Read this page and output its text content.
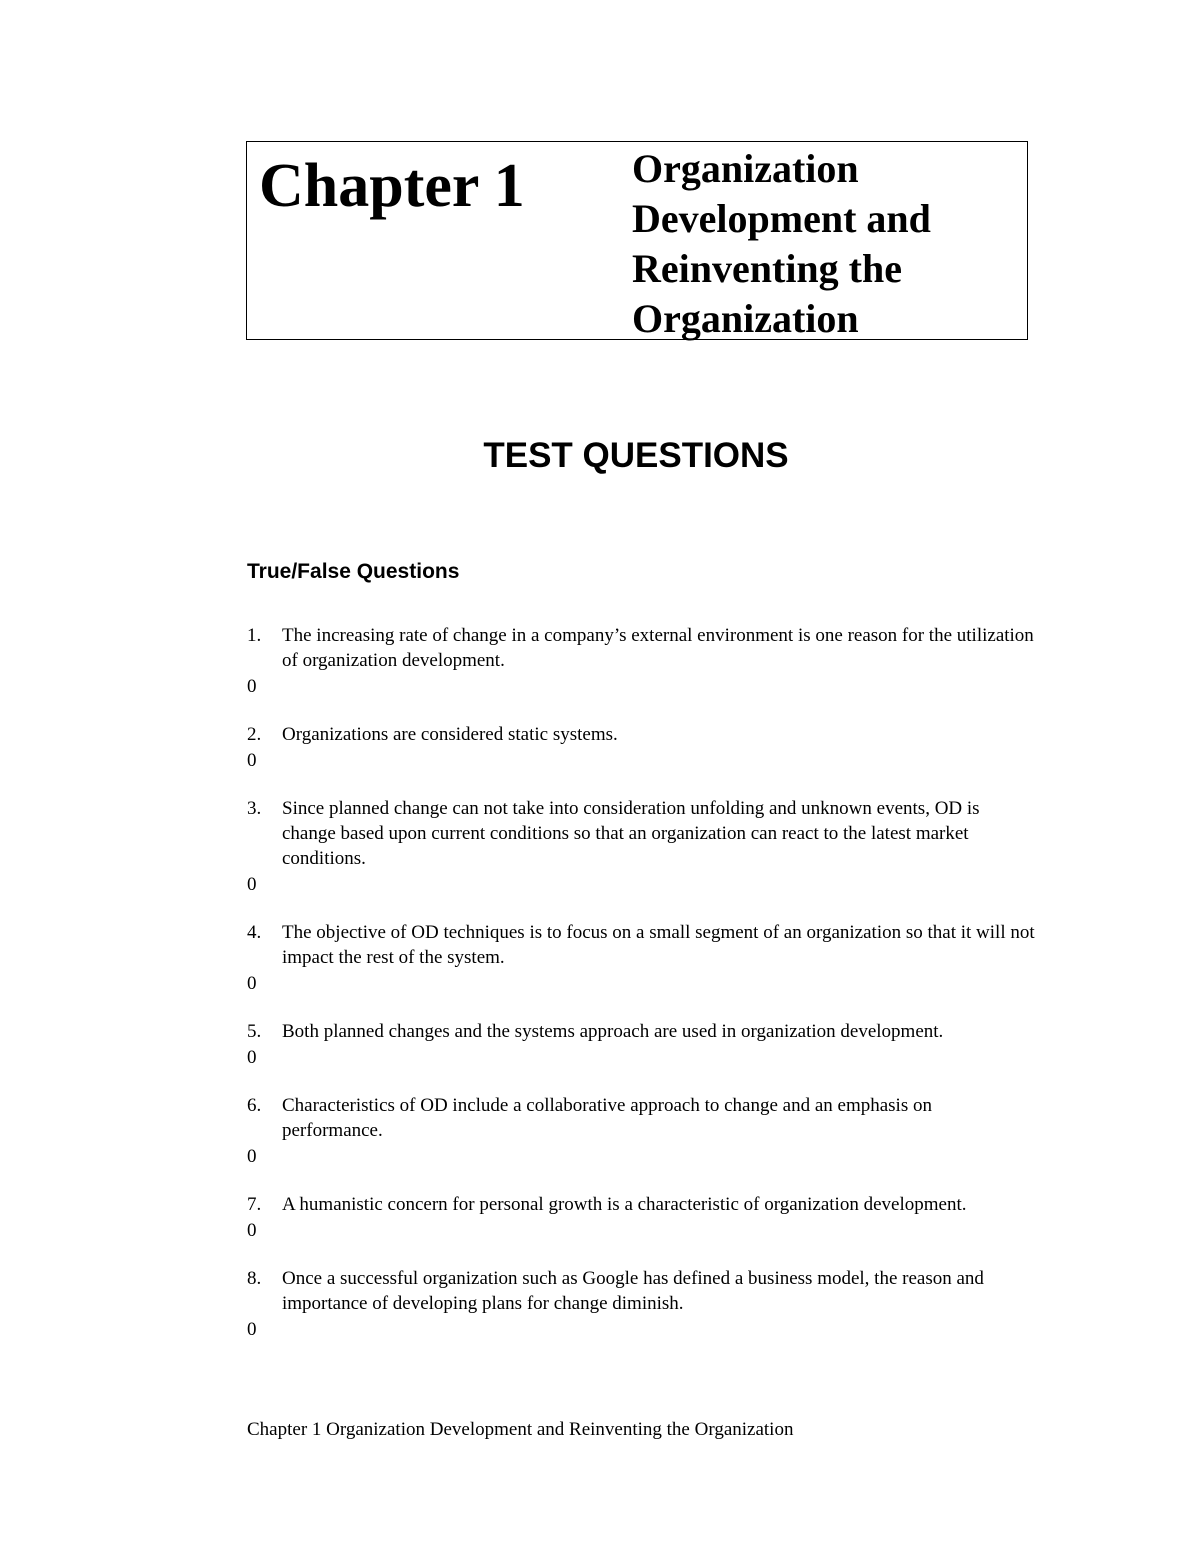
Chapter 1	Organization Development and Reinventing the Organization
TEST QUESTIONS
True/False Questions
1.	The increasing rate of change in a company’s external environment is one reason for the utilization of organization development.
0
2.	Organizations are considered static systems.
0
3.	Since planned change can not take into consideration unfolding and unknown events, OD is change based upon current conditions so that an organization can react to the latest market conditions.
0
4.	The objective of OD techniques is to focus on a small segment of an organization so that it will not impact the rest of the system.
0
5.	Both planned changes and the systems approach are used in organization development.
0
6.	Characteristics of OD include a collaborative approach to change and an emphasis on performance.
0
7.	A humanistic concern for personal growth is a characteristic of organization development.
0
8.	Once a successful organization such as Google has defined a business model, the reason and importance of developing plans for change diminish.
0

Chapter 1 Organization Development and Reinventing the Organization
